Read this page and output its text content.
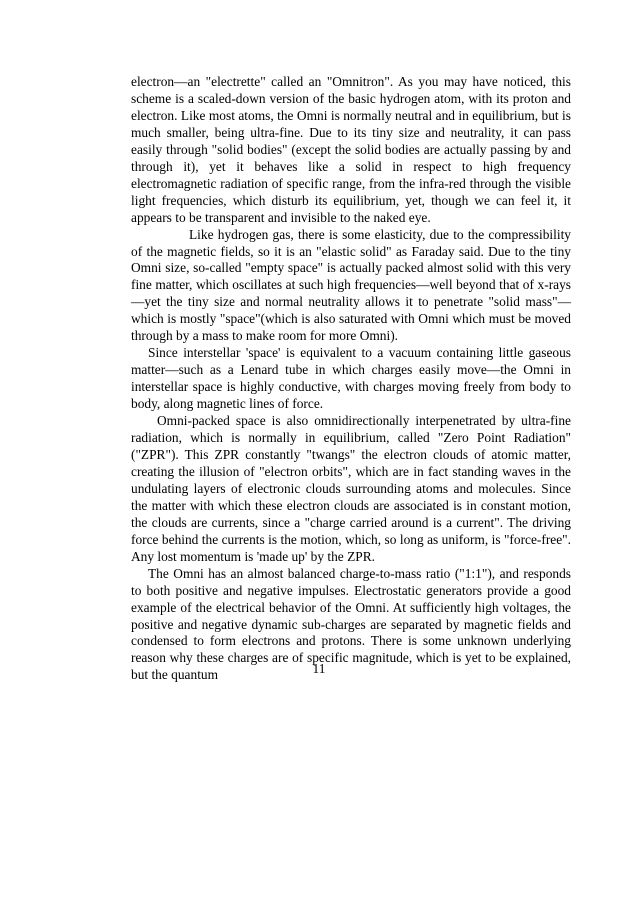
electron—an "electrette" called an "Omnitron". As you may have noticed, this scheme is a scaled-down version of the basic hydrogen atom, with its proton and electron. Like most atoms, the Omni is normally neutral and in equilibrium, but is much smaller, being ultra-fine. Due to its tiny size and neutrality, it can pass easily through "solid bodies" (except the solid bodies are actually passing by and through it), yet it behaves like a solid in respect to high frequency electromagnetic radiation of specific range, from the infra-red through the visible light frequencies, which disturb its equilibrium, yet, though we can feel it, it appears to be transparent and invisible to the naked eye.

Like hydrogen gas, there is some elasticity, due to the compressibility of the magnetic fields, so it is an "elastic solid" as Faraday said. Due to the tiny Omni size, so-called "empty space" is actually packed almost solid with this very fine matter, which oscillates at such high frequencies—well beyond that of x-rays—yet the tiny size and normal neutrality allows it to penetrate "solid mass"—which is mostly "space"(which is also saturated with Omni which must be moved through by a mass to make room for more Omni).

Since interstellar 'space' is equivalent to a vacuum containing little gaseous matter—such as a Lenard tube in which charges easily move—the Omni in interstellar space is highly conductive, with charges moving freely from body to body, along magnetic lines of force.

Omni-packed space is also omnidirectionally interpenetrated by ultra-fine radiation, which is normally in equilibrium, called "Zero Point Radiation" ("ZPR"). This ZPR constantly "twangs" the electron clouds of atomic matter, creating the illusion of "electron orbits", which are in fact standing waves in the undulating layers of electronic clouds surrounding atoms and molecules. Since the matter with which these electron clouds are associated is in constant motion, the clouds are currents, since a "charge carried around is a current". The driving force behind the currents is the motion, which, so long as uniform, is "force-free". Any lost momentum is 'made up' by the ZPR.

The Omni has an almost balanced charge-to-mass ratio ("1:1"), and responds to both positive and negative impulses. Electrostatic generators provide a good example of the electrical behavior of the Omni. At sufficiently high voltages, the positive and negative dynamic sub-charges are separated by magnetic fields and condensed to form electrons and protons. There is some unknown underlying reason why these charges are of specific magnitude, which is yet to be explained, but the quantum	11
